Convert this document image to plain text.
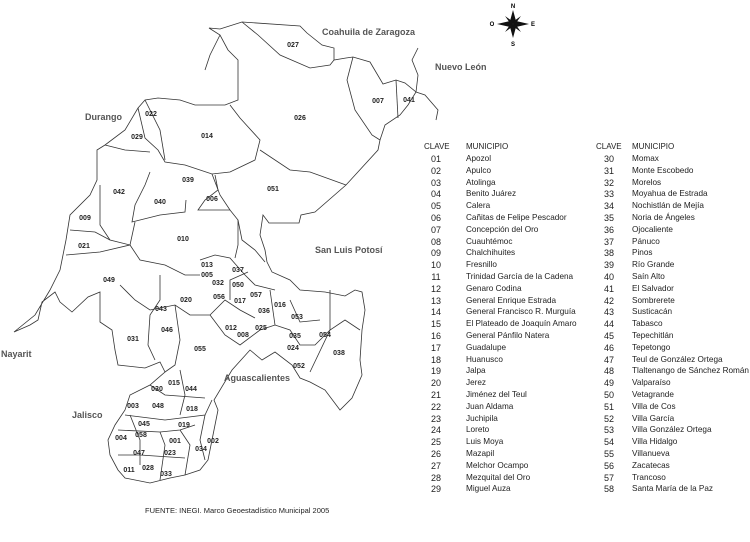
Coahuila de Zaragoza
Nuevo León
Durango
San Luis Potosí
Nayarit
Jalisco
Aguascalientes
027
026
007	041
022
029	014
039
051
040	006
042
009
021
010
013
005
032 050
037
049
020	056
017
057
016
036
053
043
046
031
012
008
025
035
024
054
038
055
052
015
030	044
003 048	018
045	019
004 058
001	002
047	023
034
011 028
033
N
S
E
O
CLAVE MUNICIPIO	CLAVE MUNICIPIO
01	Apozol
02	Apulco
03	Atolinga
04	Benito Juárez
05	Calera
06	Cañitas de Felipe Pescador
07	Concepción del Oro
08	Cuauhtémoc
09	Chalchihuites
10	Fresnillo
11	Trinidad García de la Cadena
12	Genaro Codina
13	General Enrique Estrada
14	General Francisco R. Murguía
15	El Plateado de Joaquín Amaro
16	General Pánfilo Natera
17	Guadalupe
18	Huanusco
19	Jalpa
20	Jerez
21	Jiménez del Teul
22	Juan Aldama
23	Juchipila
24	Loreto
25	Luis Moya
26	Mazapil
27	Melchor Ocampo
28	Mezquital del Oro
29	Miguel Auza
30	Momax
31	Monte Escobedo
32	Morelos
33	Moyahua de Estrada
34	Nochistlán de Mejía
35	Noria de Ángeles
36	Ojocaliente
37	Pánuco
38	Pinos
39	Río Grande
40	Saín Alto
41	El Salvador
42	Sombrerete
43	Susticacán
44	Tabasco
45	Tepechitlán
46	Tepetongo
47	Teul de González Ortega
48	Tlaltenango de Sánchez Román
49	Valparaíso
50	Vetagrande
51	Villa de Cos
52	Villa García
53	Villa González Ortega
54	Villa Hidalgo
55	Villanueva
56	Zacatecas
57	Trancoso
58	Santa María de la Paz
FUENTE: INEGI. Marco Geoestadístico Municipal 2005
